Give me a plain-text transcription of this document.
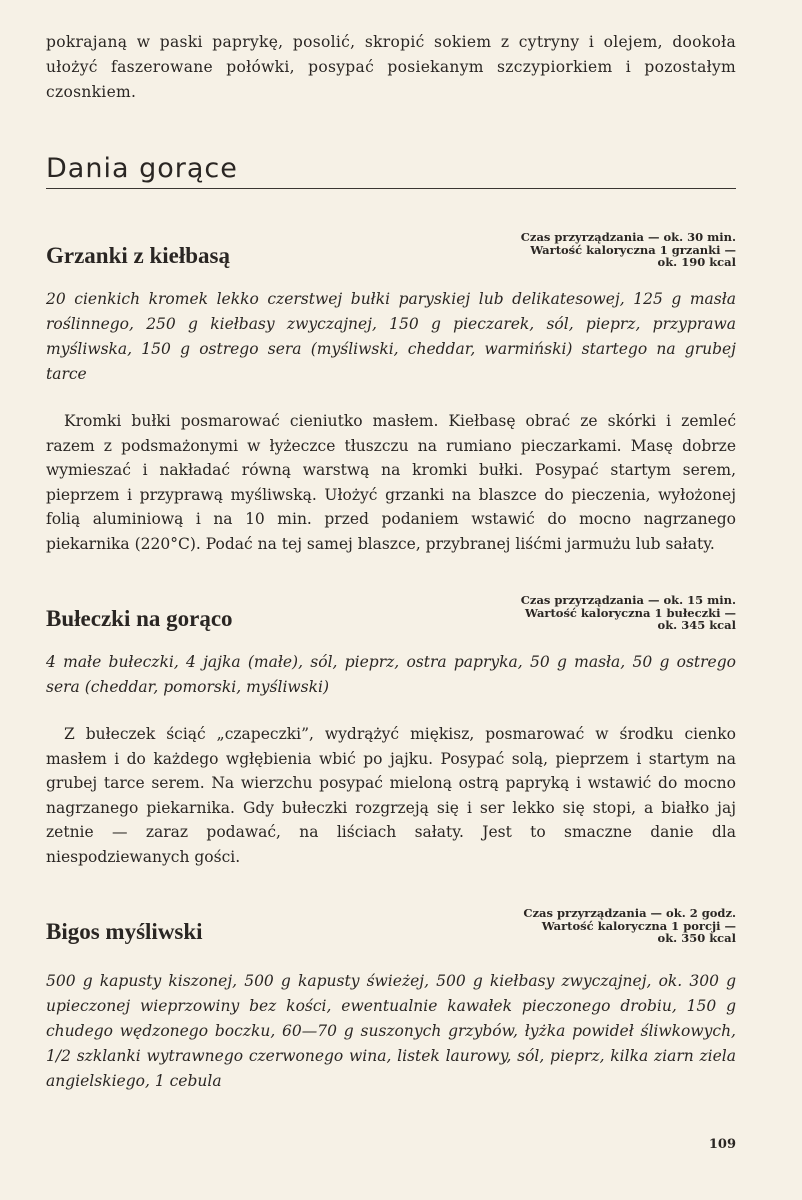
pokrajaną w paski paprykę, posolić, skropić sokiem z cytryny i olejem, dookoła ułożyć faszerowane połówki, posypać posiekanym szczypiorkiem i pozostałym czosnkiem.

Dania gorące
Grzanki z kiełbasą
Czas przyrządzania — ok. 30 min.
Wartość kaloryczna 1 grzanki —
ok. 190 kcal

20 cienkich kromek lekko czerstwej bułki paryskiej lub delikatesowej, 125 g masła roślinnego, 250 g kiełbasy zwyczajnej, 150 g pieczarek, sól, pieprz, przyprawa myśliwska, 150 g ostrego sera (myśliwski, cheddar, warmiński) startego na grubej tarce

Kromki bułki posmarować cieniutko masłem. Kiełbasę obrać ze skórki i zemleć razem z podsmażonymi w łyżeczce tłuszczu na rumiano pieczarkami. Masę dobrze wymieszać i nakładać równą warstwą na kromki bułki. Posypać startym serem, pieprzem i przyprawą myśliwską. Ułożyć grzanki na blaszce do pieczenia, wyłożonej folią aluminiową i na 10 min. przed podaniem wstawić do mocno nagrzanego piekarnika (220°C). Podać na tej samej blaszce, przybranej liśćmi jarmużu lub sałaty.

Bułeczki na gorąco
Czas przyrządzania — ok. 15 min.
Wartość kaloryczna 1 bułeczki —
ok. 345 kcal

4 małe bułeczki, 4 jajka (małe), sól, pieprz, ostra papryka, 50 g masła, 50 g ostrego sera (cheddar, pomorski, myśliwski)

Z bułeczek ściąć „czapeczki”, wydrążyć miękisz, posmarować w środku cienko masłem i do każdego wgłębienia wbić po jajku. Posypać solą, pieprzem i startym na grubej tarce serem. Na wierzchu posypać mieloną ostrą papryką i wstawić do mocno nagrzanego piekarnika. Gdy bułeczki rozgrzeją się i ser lekko się stopi, a białko jaj zetnie — zaraz podawać, na liściach sałaty. Jest to smaczne danie dla niespodziewanych gości.

Bigos myśliwski
Czas przyrządzania — ok. 2 godz.
Wartość kaloryczna 1 porcji —
ok. 350 kcal

500 g kapusty kiszonej, 500 g kapusty świeżej, 500 g kiełbasy zwyczajnej, ok. 300 g upieczonej wieprzowiny bez kości, ewentualnie kawałek pieczonego drobiu, 150 g chudego wędzonego boczku, 60—70 g suszonych grzybów, łyżka powideł śliwkowych, 1/2 szklanki wytrawnego czerwonego wina, listek laurowy, sól, pieprz, kilka ziarn ziela angielskiego, 1 cebula

109
